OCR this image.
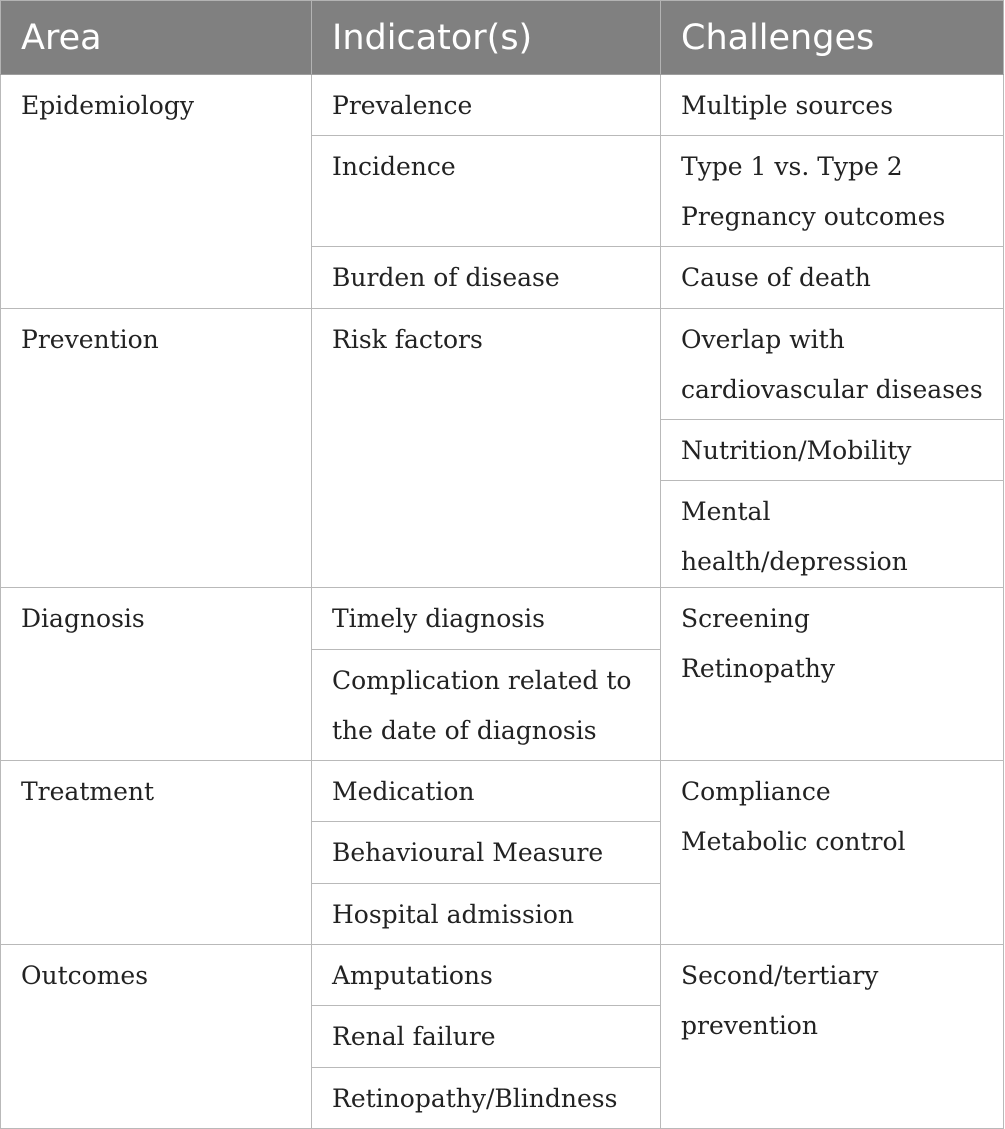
Area	Indicator(s)	Challenges

Epidemiology	Prevalence	Multiple sources

	Incidence	Type 1 vs. Type 2
Pregnancy outcomes

	Burden of disease	Cause of death

Prevention	Risk factors	Overlap with cardiovascular diseases

		Nutrition/Mobility

		Mental health/depression

Diagnosis	Timely diagnosis	Screening
Retinopathy

	Complication related to the date of diagnosis	

Treatment	Medication	Compliance
Metabolic control

	Behavioural Measure	

	Hospital admission	

Outcomes	Amputations	Second/tertiary prevention

	Renal failure	

	Retinopathy/Blindness	
